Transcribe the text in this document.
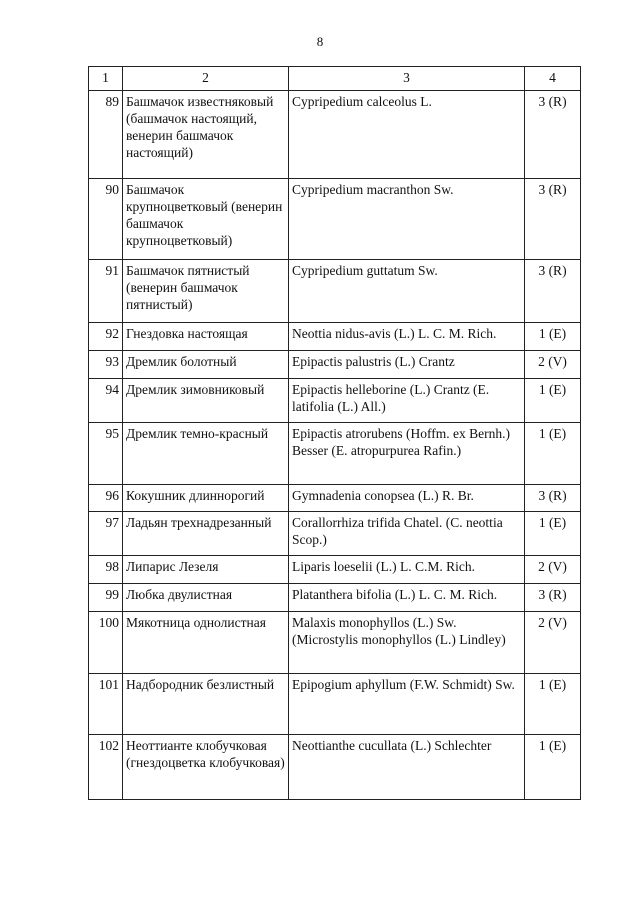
8
1	2	3	4
89	Башмачок известняковый (башмачок настоящий, венерин башмачок настоящий)	Cypripedium calceolus L.	3 (R)
90	Башмачок крупноцветковый (венерин башмачок крупноцветковый)	Cypripedium macranthon Sw.	3 (R)
91	Башмачок пятнистый (венерин башмачок пятнистый)	Cypripedium guttatum Sw.	3 (R)
92	Гнездовка настоящая	Neottia nidus-avis (L.) L. C. M. Rich.	1 (E)
93	Дремлик болотный	Epipactis palustris (L.) Crantz	2 (V)
94	Дремлик зимовниковый	Epipactis helleborine (L.) Crantz (E. latifolia (L.) All.)	1 (E)
95	Дремлик темно-красный	Epipactis atrorubens (Hoffm. ex Bernh.) Besser (E. atropurpurea Rafin.)	1 (E)
96	Кокушник длиннорогий	Gymnadenia conopsea (L.) R. Br.	3 (R)
97	Ладьян трехнадрезанный	Corallorrhiza trifida Chatel. (C. neottia Scop.)	1 (E)
98	Липарис Лезеля	Liparis loeselii (L.) L. C.M. Rich.	2 (V)
99	Любка двулистная	Platanthera bifolia (L.) L. C. M. Rich.	3 (R)
100	Мякотница однолистная	Malaxis monophyllos (L.) Sw. (Microstylis monophyllos (L.) Lindley)	2 (V)
101	Надбородник безлистный	Epipogium aphyllum (F.W. Schmidt) Sw.	1 (E)
102	Неоттианте клобучковая (гнездоцветка клобучковая)	Neottianthe cucullata (L.) Schlechter	1 (E)
